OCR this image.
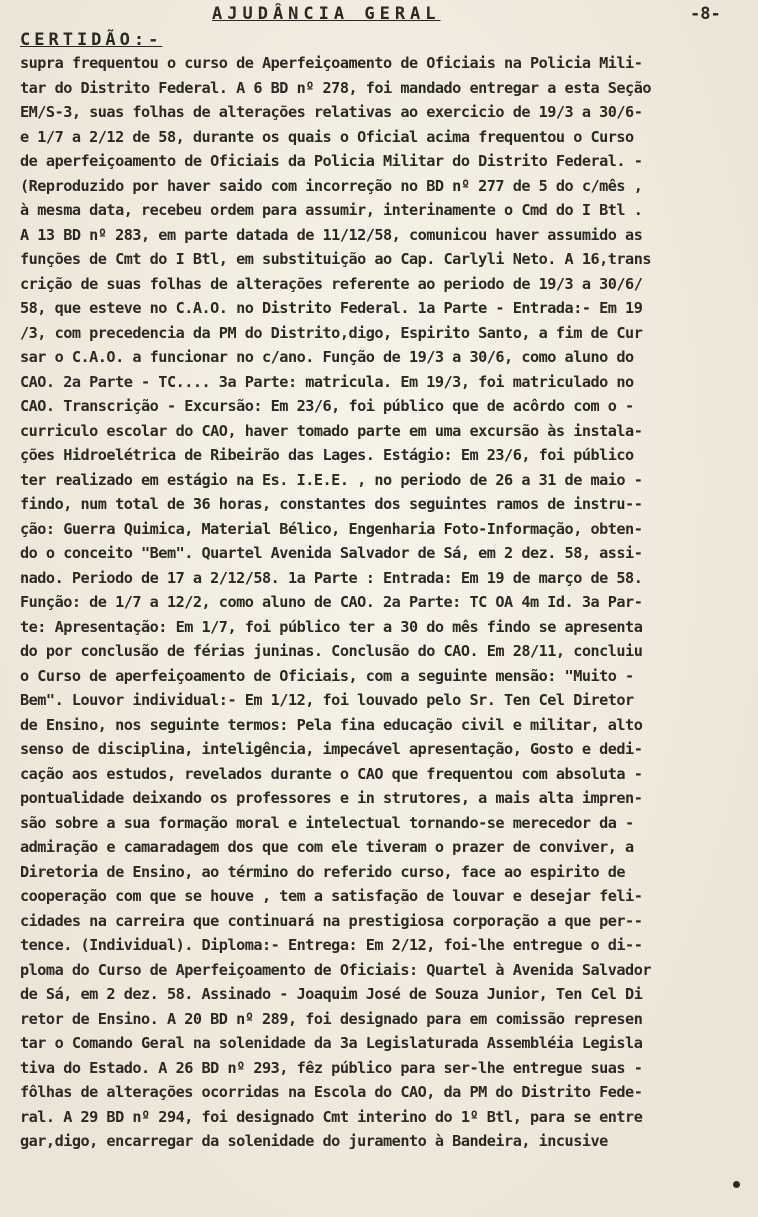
AJUDÂNCIA GERAL	-8-
CERTIDÃO:-
supra frequentou o curso de Aperfeiçoamento de Oficiais na Policia Mili-
tar do Distrito Federal. A 6 BD nº 278, foi mandado entregar a esta Seção
EM/S-3, suas folhas de alterações relativas ao exercicio de 19/3 a 30/6-
e 1/7 a 2/12 de 58, durante os quais o Oficial acima frequentou o Curso
de aperfeiçoamento de Oficiais da Policia Militar do Distrito Federal. -
(Reproduzido por haver saido com incorreção no BD nº 277 de 5 do c/mês ,
à mesma data, recebeu ordem para assumir, interinamente o Cmd do I Btl .
A 13 BD nº 283, em parte datada de 11/12/58, comunicou haver assumido as
funções de Cmt do I Btl, em substituição ao Cap. Carlyli Neto. A 16,trans
crição de suas folhas de alterações referente ao periodo de 19/3 a 30/6/
58, que esteve no C.A.O. no Distrito Federal. 1a Parte - Entrada:- Em 19
/3, com precedencia da PM do Distrito,digo, Espirito Santo, a fim de Cur
sar o C.A.O. a funcionar no c/ano. Função de 19/3 a 30/6, como aluno do
CAO. 2a Parte - TC.... 3a Parte: matricula. Em 19/3, foi matriculado no
CAO. Transcrição - Excursão: Em 23/6, foi público que de acôrdo com o -
curriculo escolar do CAO, haver tomado parte em uma excursão às instala-
ções Hidroelétrica de Ribeirão das Lages. Estágio: Em 23/6, foi público
ter realizado em estágio na Es. I.E.E. , no periodo de 26 a 31 de maio -
findo, num total de 36 horas, constantes dos seguintes ramos de instru--
ção: Guerra Quimica, Material Bélico, Engenharia Foto-Informação, obten-
do o conceito "Bem". Quartel Avenida Salvador de Sá, em 2 dez. 58, assi-
nado. Periodo de 17 a 2/12/58. 1a Parte : Entrada: Em 19 de março de 58.
Função: de 1/7 a 12/2, como aluno de CAO. 2a Parte: TC OA 4m Id. 3a Par-
te: Apresentação: Em 1/7, foi público ter a 30 do mês findo se apresenta
do por conclusão de férias juninas. Conclusão do CAO. Em 28/11, concluiu
o Curso de aperfeiçoamento de Oficiais, com a seguinte mensão: "Muito -
Bem". Louvor individual:- Em 1/12, foi louvado pelo Sr. Ten Cel Diretor
de Ensino, nos seguinte termos: Pela fina educação civil e militar, alto
senso de disciplina, inteligência, impecável apresentação, Gosto e dedi-
cação aos estudos, revelados durante o CAO que frequentou com absoluta -
pontualidade deixando os professores e in strutores, a mais alta impren-
são sobre a sua formação moral e intelectual tornando-se merecedor da -
admiração e camaradagem dos que com ele tiveram o prazer de conviver, a
Diretoria de Ensino, ao término do referido curso, face ao espirito de
cooperação com que se houve , tem a satisfação de louvar e desejar feli-
cidades na carreira que continuará na prestigiosa corporação a que per--
tence. (Individual). Diploma:- Entrega: Em 2/12, foi-lhe entregue o di--
ploma do Curso de Aperfeiçoamento de Oficiais: Quartel à Avenida Salvador
de Sá, em 2 dez. 58. Assinado - Joaquim José de Souza Junior, Ten Cel Di
retor de Ensino. A 20 BD nº 289, foi designado para em comissão represen
tar o Comando Geral na solenidade da 3a Legislaturada Assembléia Legisla
tiva do Estado. A 26 BD nº 293, fêz público para ser-lhe entregue suas -
fôlhas de alterações ocorridas na Escola do CAO, da PM do Distrito Fede-
ral. A 29 BD nº 294, foi designado Cmt interino do 1º Btl, para se entre
gar,digo, encarregar da solenidade do juramento à Bandeira, incusive
